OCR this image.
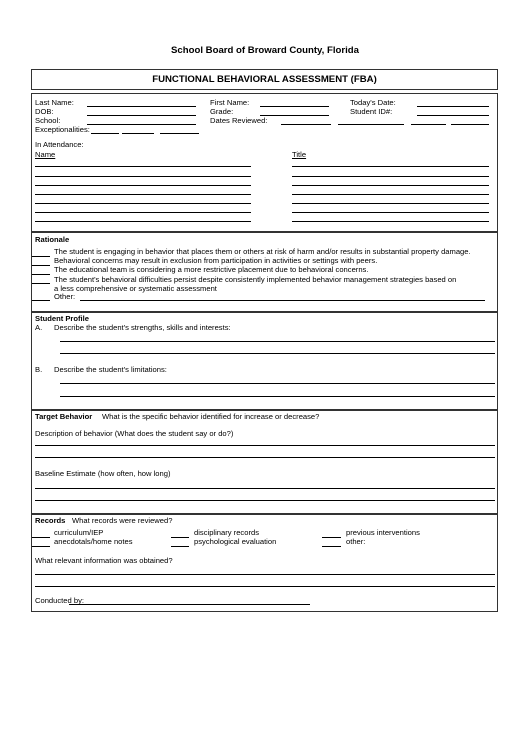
School Board of Broward County, Florida
FUNCTIONAL BEHAVIORAL ASSESSMENT (FBA)
Last Name:
DOB:
School:
Exceptionalities:
First Name:
Grade:
Dates Reviewed:
Today's Date:
Student ID#:
In Attendance:
Name	Title
Rationale
The student is engaging in behavior that places them or others at risk of harm and/or results in substantial property damage.
Behavioral concerns may result in exclusion from participation in activities or settings with peers.
The educational team is considering a more restrictive placement due to behavioral concerns.
The student's behavioral difficulties persist despite consistently implemented behavior management strategies based on
a less comprehensive or systematic assessment
Other:
Student Profile
A. Describe the student's strengths, skills and interests:
B. Describe the student's limitations:
Target Behavior What is the specific behavior identified for increase or decrease?
Description of behavior (What does the student say or do?)
Baseline Estimate (how often, how long)
Records What records were reviewed?
curriculum/IEP
anecdotals/home notes
disciplinary records
psychological evaluation
previous interventions
other:
What relevant information was obtained?
Conducted by:
